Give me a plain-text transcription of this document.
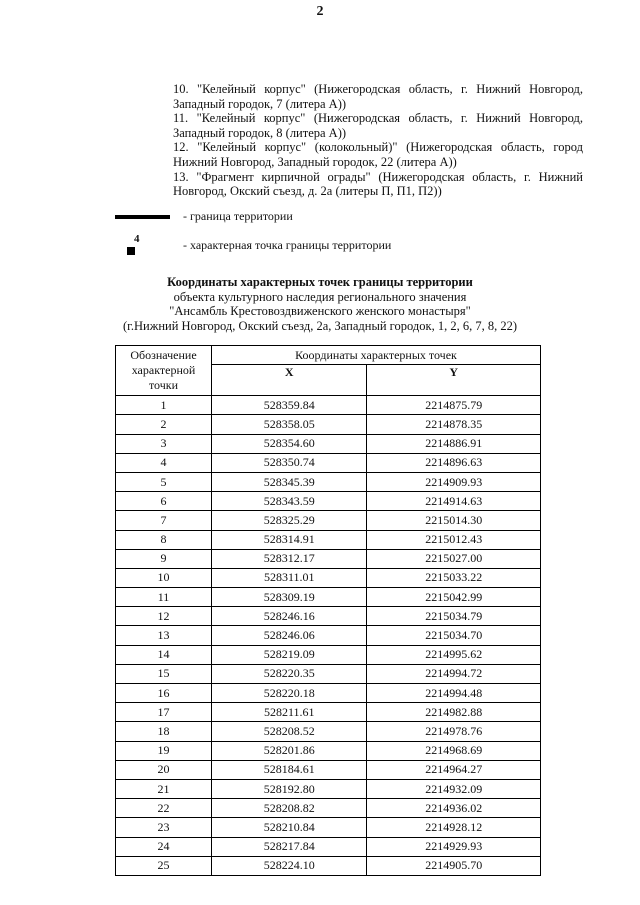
2

10. "Келейный корпус" (Нижегородская область, г. Нижний Новгород, Западный городок, 7 (литера А))

11. "Келейный корпус" (Нижегородская область, г. Нижний Новгород, Западный городок, 8 (литера А))

12. "Келейный корпус" (колокольный)" (Нижегородская область, город Нижний Новгород, Западный городок, 22 (литера А))

13. "Фрагмент кирпичной ограды" (Нижегородская область, г. Нижний Новгород, Окский съезд, д. 2а (литеры П, П1, П2))

- граница территории
4	- характерная точка границы территории
Координаты характерных точек границы территории
объекта культурного наследия регионального значения
"Ансамбль Крестовоздвиженского женского монастыря"
(г.Нижний Новгород, Окский съезд, 2а, Западный городок, 1, 2, 6, 7, 8, 22)
Обозначение характерной точки	Координаты характерных точек	
	X	Y
1	528359.84	2214875.79
2	528358.05	2214878.35
3	528354.60	2214886.91
4	528350.74	2214896.63
5	528345.39	2214909.93
6	528343.59	2214914.63
7	528325.29	2215014.30
8	528314.91	2215012.43
9	528312.17	2215027.00
10	528311.01	2215033.22
11	528309.19	2215042.99
12	528246.16	2215034.79
13	528246.06	2215034.70
14	528219.09	2214995.62
15	528220.35	2214994.72
16	528220.18	2214994.48
17	528211.61	2214982.88
18	528208.52	2214978.76
19	528201.86	2214968.69
20	528184.61	2214964.27
21	528192.80	2214932.09
22	528208.82	2214936.02
23	528210.84	2214928.12
24	528217.84	2214929.93
25	528224.10	2214905.70
